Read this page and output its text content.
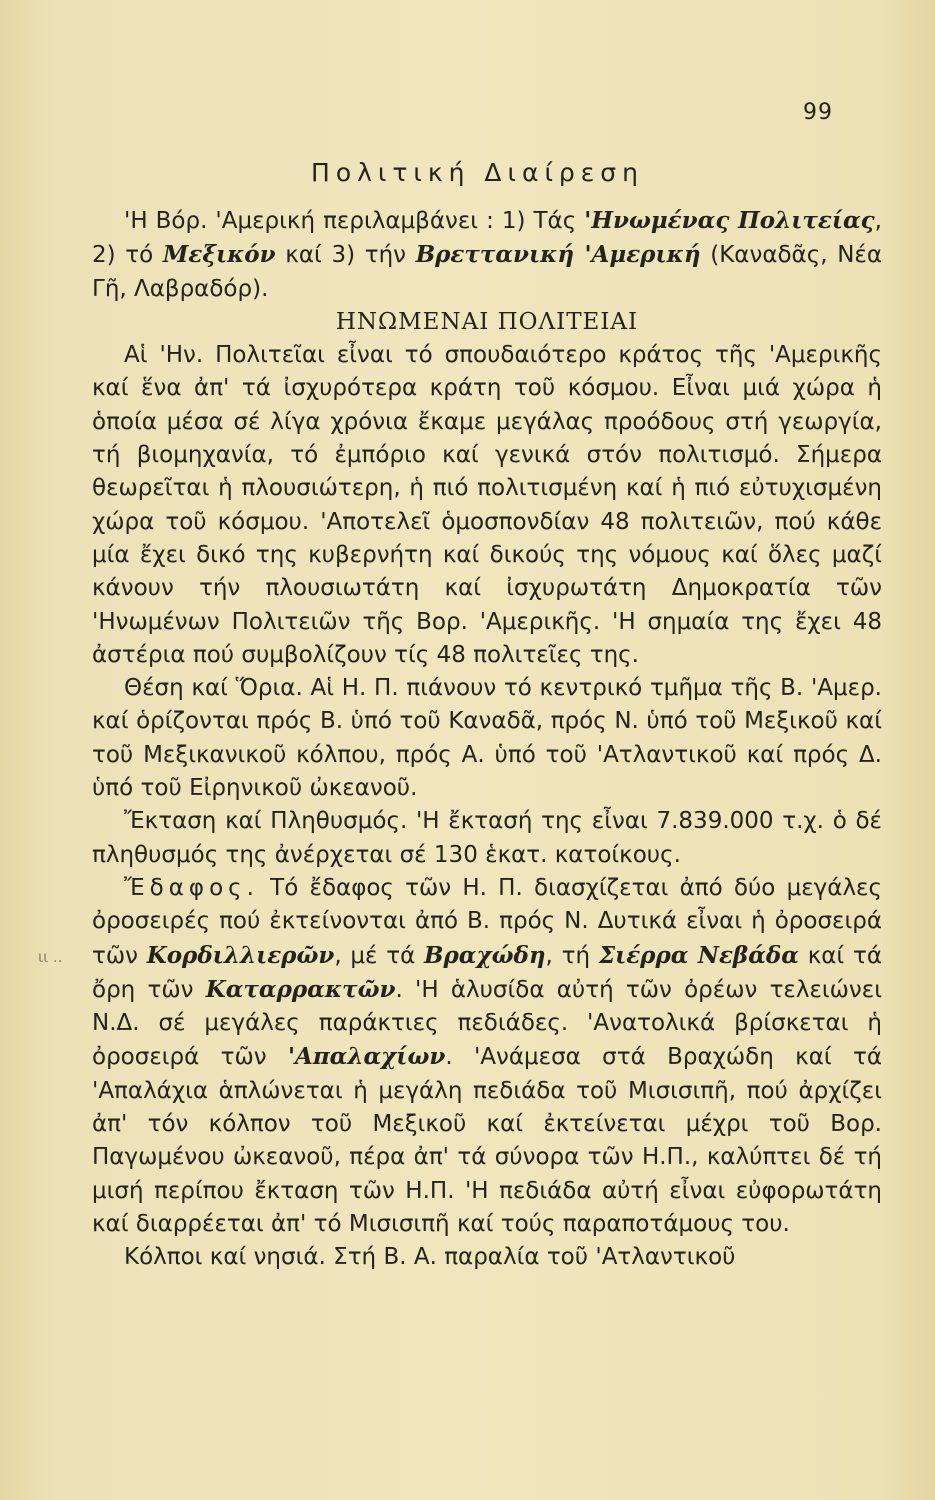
99
Πολιτική Διαίρεση
ιι ..

'Η Βόρ. 'Αμερική περιλαμβάνει : 1) Τάς 'Ηνωμένας Πολιτείας, 2) τό Μεξικόν καί 3) τήν Βρεττανική 'Αμερική (Καναδᾶς, Νέα Γῆ, Λαβραδόρ).

ΗΝΩΜΕΝΑΙ ΠΟΛΙΤΕΙΑΙ

Αἱ 'Ην. Πολιτεῖαι εἶναι τό σπουδαιότερο κράτος τῆς 'Αμερικῆς καί ἕνα ἀπ' τά ἰσχυρότερα κράτη τοῦ κόσμου. Εἶναι μιά χώρα ἡ ὁποία μέσα σέ λίγα χρόνια ἔκαμε μεγάλας προόδους στή γεωργία, τή βιομηχανία, τό ἐμπόριο καί γενικά στόν πολιτισμό. Σήμερα θεωρεῖται ἡ πλουσιώτερη, ἡ πιό πολιτισμένη καί ἡ πιό εὐτυχισμένη χώρα τοῦ κόσμου. 'Αποτελεῖ ὁμοσπονδίαν 48 πολιτειῶν, πού κάθε μία ἔχει δικό της κυβερνήτη καί δικούς της νόμους καί ὅλες μαζί κάνουν τήν πλουσιωτάτη καί ἰσχυρωτάτη Δημοκρατία τῶν 'Ηνωμένων Πολιτειῶν τῆς Βορ. 'Αμερικῆς. 'Η σημαία της ἔχει 48 ἀστέρια πού συμβολίζουν τίς 48 πολιτεῖες της.

Θέση καί Ὅρια. Αἱ Η. Π. πιάνουν τό κεντρικό τμῆμα τῆς Β. 'Αμερ. καί ὁρίζονται πρός Β. ὑπό τοῦ Καναδᾶ, πρός Ν. ὑπό τοῦ Μεξικοῦ καί τοῦ Μεξικανικοῦ κόλπου, πρός Α. ὑπό τοῦ 'Ατλαντικοῦ καί πρός Δ. ὑπό τοῦ Εἰρηνικοῦ ὠκεανοῦ.

Ἔκταση καί Πληθυσμός. 'Η ἔκτασή της εἶναι 7.839.000 τ.χ. ὁ δέ πληθυσμός της ἀνέρχεται σέ 130 ἑκατ. κατοίκους.

Ἔδαφος. Τό ἔδαφος τῶν Η. Π. διασχίζεται ἀπό δύο μεγάλες ὀροσειρές πού ἐκτείνονται ἀπό Β. πρός Ν. Δυτικά εἶναι ἡ ὀροσειρά τῶν Κορδιλλιερῶν, μέ τά Βραχώδη, τή Σιέρρα Νεβάδα καί τά ὄρη τῶν Καταρρακτῶν. 'Η ἁλυσίδα αὐτή τῶν ὀρέων τελειώνει Ν.Δ. σέ μεγάλες παράκτιες πεδιάδες. 'Ανατολικά βρίσκεται ἡ ὀροσειρά τῶν 'Απαλαχίων. 'Ανάμεσα στά Βραχώδη καί τά 'Απαλάχια ἁπλώνεται ἡ μεγάλη πεδιάδα τοῦ Μισισιπῆ, πού ἀρχίζει ἀπ' τόν κόλπον τοῦ Μεξικοῦ καί ἐκτείνεται μέχρι τοῦ Βορ. Παγωμένου ὠκεανοῦ, πέρα ἀπ' τά σύνορα τῶν Η.Π., καλύπτει δέ τή μισή περίπου ἔκταση τῶν Η.Π. 'Η πεδιάδα αὐτή εἶναι εὐφορωτάτη καί διαρρέεται ἀπ' τό Μισισιπῆ καί τούς παραποτάμους του.

Κόλποι καί νησιά. Στή Β. Α. παραλία τοῦ 'Ατλαντικοῦ
